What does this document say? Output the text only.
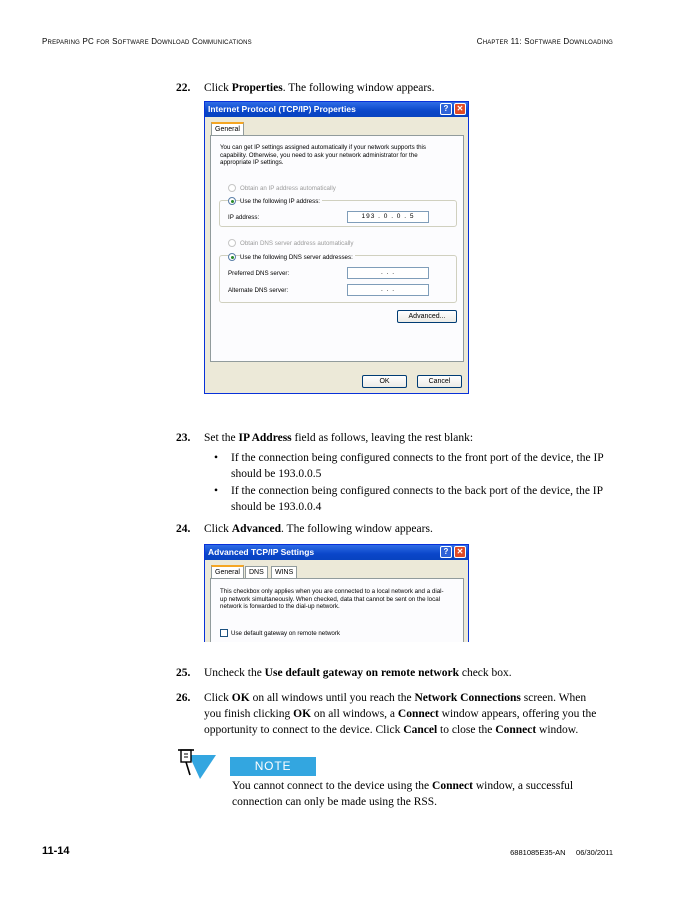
Preparing PC for Software Download Communications	Chapter 11: Software Downloading
22. Click Properties. The following window appears.
Internet Protocol (TCP/IP) Properties	?	✕
General
You can get IP settings assigned automatically if your network supports this capability. Otherwise, you need to ask your network administrator for the appropriate IP settings.
Obtain an IP address automatically
Use the following IP address:
IP address:	193 . 0 . 0 . 5
Obtain DNS server address automatically
Use the following DNS server addresses:
Preferred DNS server:	. . .
Alternate DNS server:	. . .
Advanced...
OK	Cancel
23. Set the IP Address field as follows, leaving the rest blank:
• If the connection being configured connects to the front port of the device, the IP should be 193.0.0.5
• If the connection being configured connects to the back port of the device, the IP should be 193.0.0.4
24. Click Advanced. The following window appears.
Advanced TCP/IP Settings	?	✕
General	DNS	WINS
This checkbox only applies when you are connected to a local network and a dial-up network simultaneously. When checked, data that cannot be sent on the local network is forwarded to the dial-up network.
Use default gateway on remote network
25. Uncheck the Use default gateway on remote network check box.
26.	Click OK on all windows until you reach the Network Connections screen. When you finish clicking OK on all windows, a Connect window appears, offering you the opportunity to connect to the device. Click Cancel to close the Connect window.
NOTE
You cannot connect to the device using the Connect window, a successful connection can only be made using the RSS.
11-14	6881085E35-AN     06/30/2011
